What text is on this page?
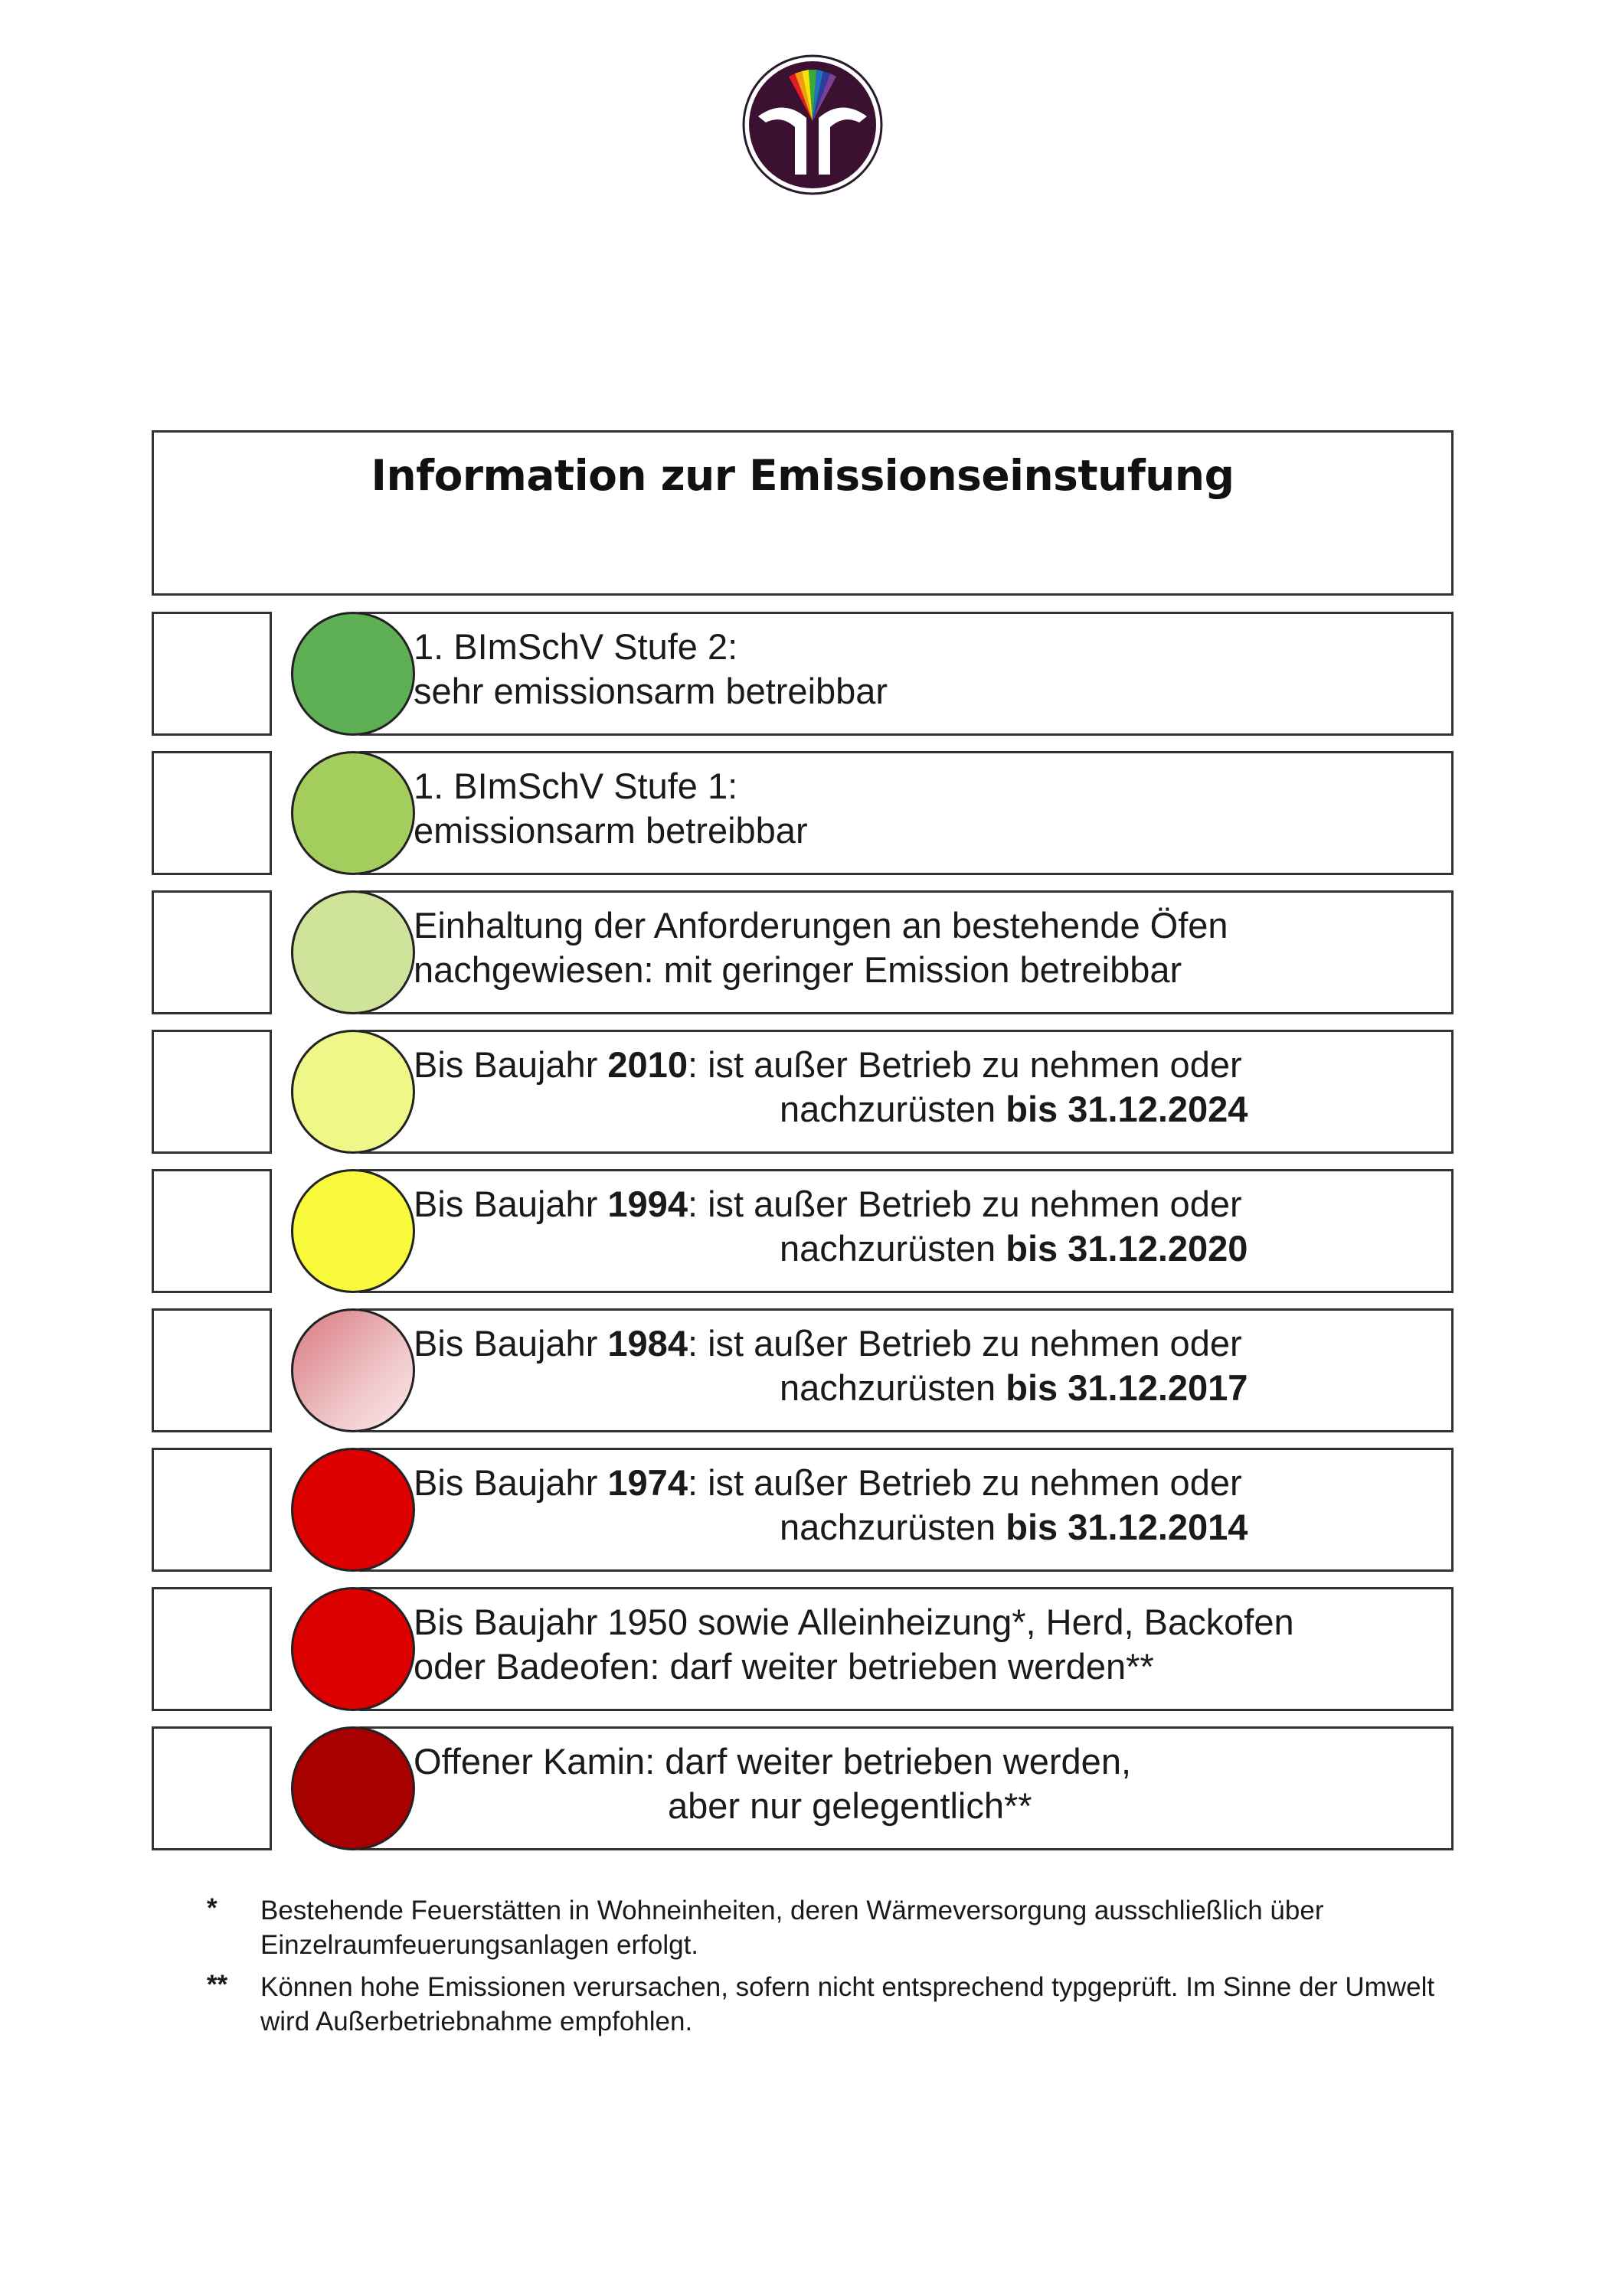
Information zur Emissionseinstufung
1. BImSchV Stufe 2:
sehr emissionsarm betreibbar
1. BImSchV Stufe 1:
emissionsarm betreibbar
Einhaltung der Anforderungen an bestehende Öfen
nachgewiesen: mit geringer Emission betreibbar
Bis Baujahr 2010: ist außer Betrieb zu nehmen oder
nachzurüsten bis 31.12.2024
Bis Baujahr 1994: ist außer Betrieb zu nehmen oder
nachzurüsten bis 31.12.2020
Bis Baujahr 1984: ist außer Betrieb zu nehmen oder
nachzurüsten bis 31.12.2017
Bis Baujahr 1974: ist außer Betrieb zu nehmen oder
nachzurüsten bis 31.12.2014
Bis Baujahr 1950 sowie Alleinheizung*, Herd, Backofen
oder Badeofen: darf weiter betrieben werden**
Offener Kamin: darf weiter betrieben werden,
aber nur gelegentlich**
* Bestehende Feuerstätten in Wohneinheiten, deren Wärmeversorgung ausschließlich über Einzelraumfeuerungsanlagen erfolgt.
** Können hohe Emissionen verursachen, sofern nicht entsprechend typgeprüft. Im Sinne der Umwelt wird Außerbetriebnahme empfohlen.
